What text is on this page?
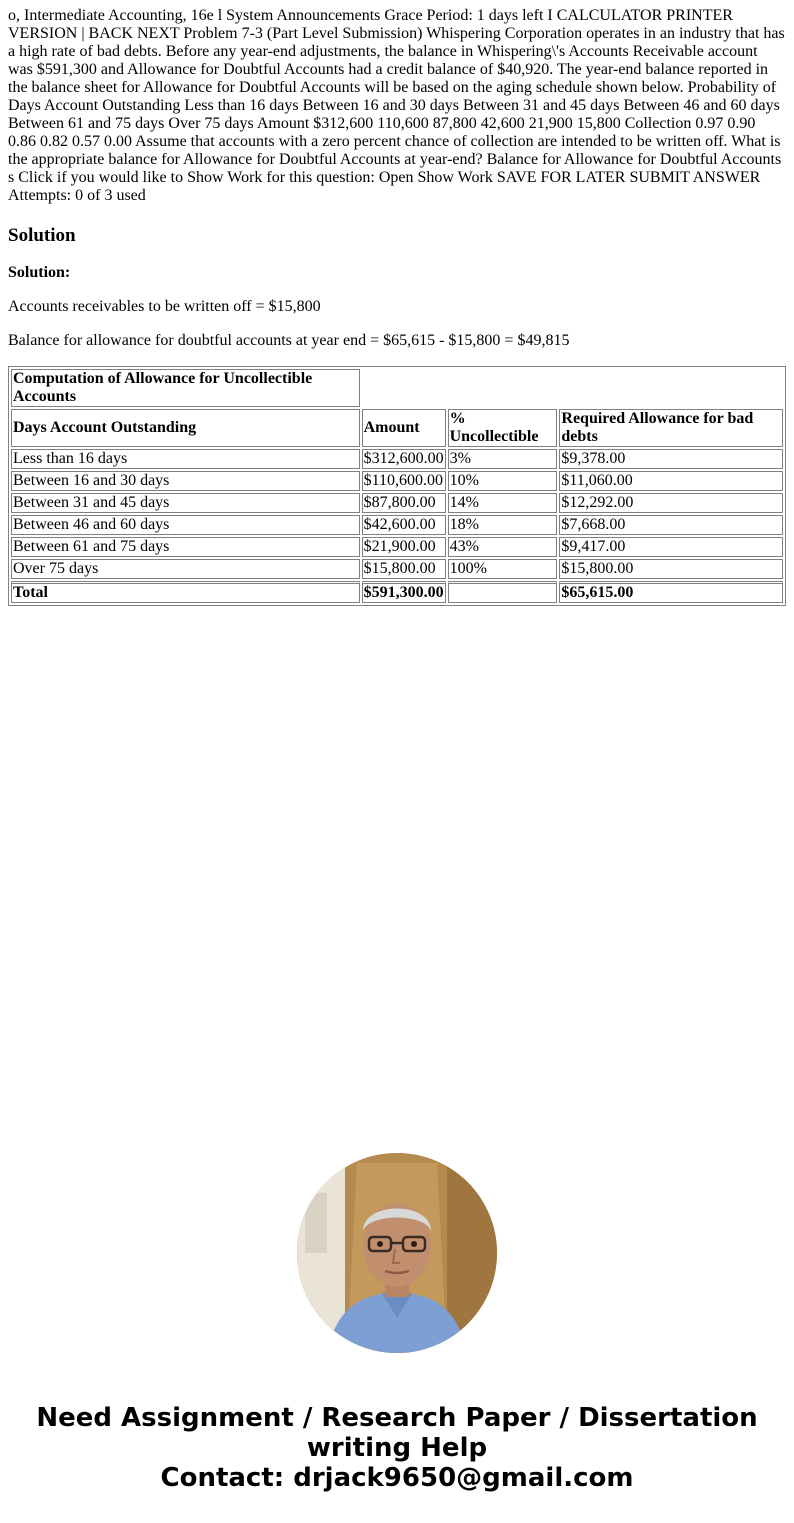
o, Intermediate Accounting, 16e l System Announcements Grace Period: 1 days left I CALCULATOR PRINTER VERSION | BACK NEXT Problem 7-3 (Part Level Submission) Whispering Corporation operates in an industry that has a high rate of bad debts. Before any year-end adjustments, the balance in Whispering\'s Accounts Receivable account was $591,300 and Allowance for Doubtful Accounts had a credit balance of $40,920. The year-end balance reported in the balance sheet for Allowance for Doubtful Accounts will be based on the aging schedule shown below. Probability of Days Account Outstanding Less than 16 days Between 16 and 30 days Between 31 and 45 days Between 46 and 60 days Between 61 and 75 days Over 75 days Amount $312,600 110,600 87,800 42,600 21,900 15,800 Collection 0.97 0.90 0.86 0.82 0.57 0.00 Assume that accounts with a zero percent chance of collection are intended to be written off. What is the appropriate balance for Allowance for Doubtful Accounts at year-end? Balance for Allowance for Doubtful Accounts s Click if you would like to Show Work for this question: Open Show Work SAVE FOR LATER SUBMIT ANSWER Attempts: 0 of 3 used

Solution

Solution:

Accounts receivables to be written off = $15,800

Balance for allowance for doubtful accounts at year end = $65,615 - $15,800 = $49,815

Computation of Allowance for Uncollectible Accounts			
Days Account Outstanding	Amount	% Uncollectible	Required Allowance for bad debts
Less than 16 days	$312,600.00	3%	$9,378.00
Between 16 and 30 days	$110,600.00	10%	$11,060.00
Between 31 and 45 days	$87,800.00	14%	$12,292.00
Between 46 and 60 days	$42,600.00	18%	$7,668.00
Between 61 and 75 days	$21,900.00	43%	$9,417.00
Over 75 days	$15,800.00	100%	$15,800.00
Total	$591,300.00		$65,615.00
Need Assignment / Research Paper / Dissertation
writing Help
Contact: drjack9650@gmail.com
